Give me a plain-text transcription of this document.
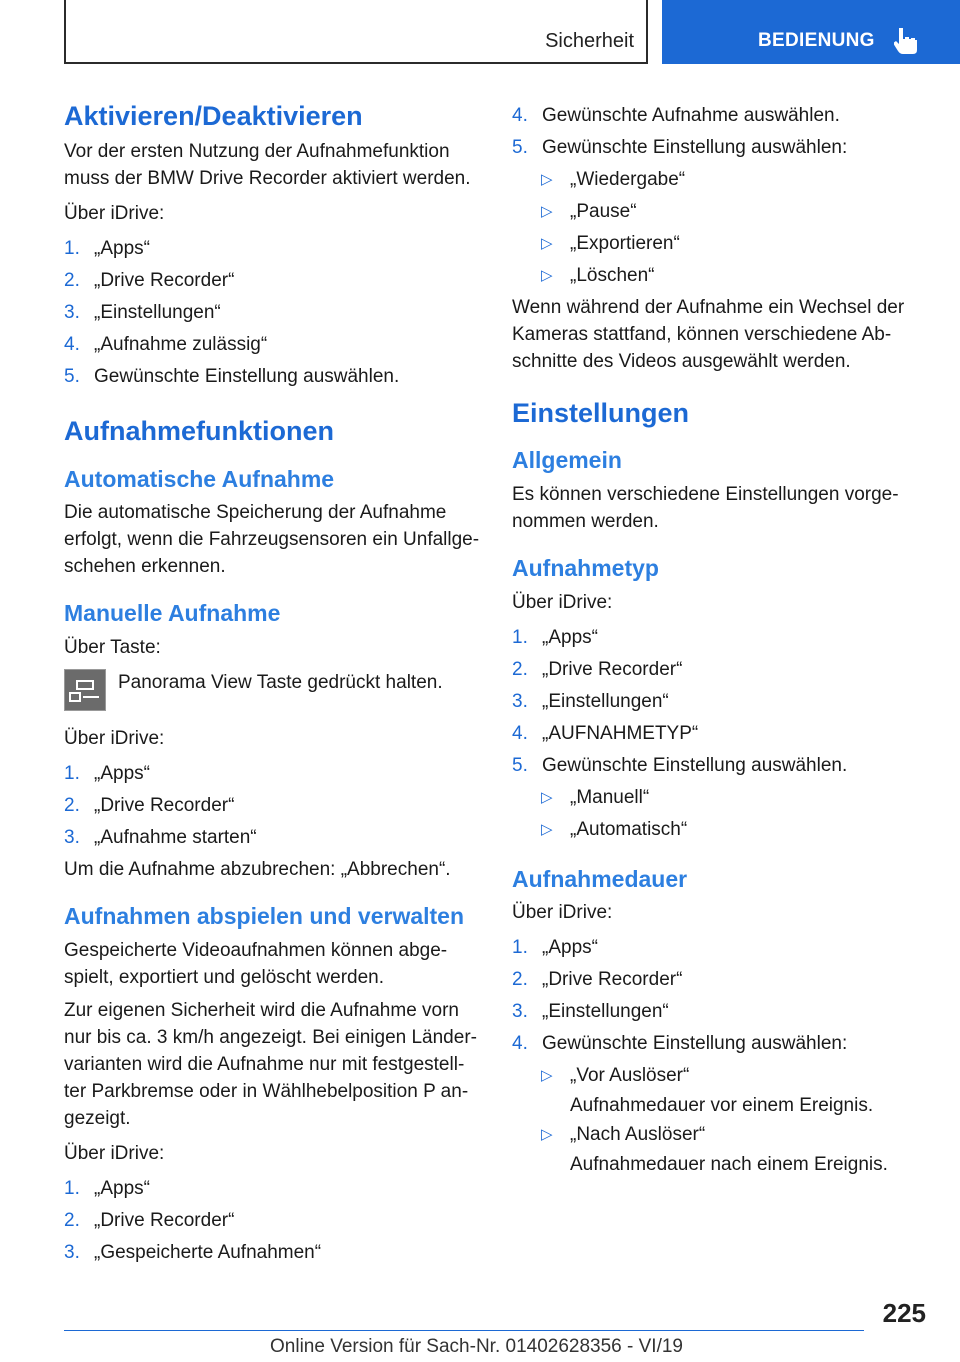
Sicherheit	BEDIENUNG
Aktivieren/Deaktivieren

Vor der ersten Nutzung der Aufnahmefunktion muss der BMW Drive Recorder aktiviert werden.

Über iDrive:

1. „Apps“
2. „Drive Recorder“
3. „Einstellungen“
4. „Aufnahme zulässig“
5. Gewünschte Einstellung auswählen.
Aufnahmefunktionen
Automatische Aufnahme

Die automatische Speicherung der Aufnahme erfolgt, wenn die Fahrzeugsensoren ein Unfallgeschehen erkennen.

Manuelle Aufnahme

Über Taste:

Panorama View Taste gedrückt halten.

Über iDrive:

1. „Apps“
2. „Drive Recorder“
3. „Aufnahme starten“

Um die Aufnahme abzubrechen: „Abbrechen“.

Aufnahmen abspielen und verwalten

Gespeicherte Videoaufnahmen können abgespielt, exportiert und gelöscht werden.

Zur eigenen Sicherheit wird die Aufnahme vorn nur bis ca. 3 km/h angezeigt. Bei einigen Ländervarianten wird die Aufnahme nur mit festgestellter Parkbremse oder in Wählhebelposition P angezeigt.

Über iDrive:

1. „Apps“
2. „Drive Recorder“
3. „Gespeicherte Aufnahmen“
4. Gewünschte Aufnahme auswählen.
5. Gewünschte Einstellung auswählen:
▷ „Wiedergabe“
▷ „Pause“
▷ „Exportieren“
▷ „Löschen“

Wenn während der Aufnahme ein Wechsel der Kameras stattfand, können verschiedene Abschnitte des Videos ausgewählt werden.

Einstellungen
Allgemein

Es können verschiedene Einstellungen vorgenommen werden.

Aufnahmetyp

Über iDrive:

1. „Apps“
2. „Drive Recorder“
3. „Einstellungen“
4. „AUFNAHMETYP“
5. Gewünschte Einstellung auswählen.
▷ „Manuell“
▷ „Automatisch“
Aufnahmedauer

Über iDrive:

1. „Apps“
2. „Drive Recorder“
3. „Einstellungen“
4. Gewünschte Einstellung auswählen:
▷ „Vor Auslöser“
Aufnahmedauer vor einem Ereignis.
▷ „Nach Auslöser“
Aufnahmedauer nach einem Ereignis.
225
Online Version für Sach-Nr. 01402628356 - VI/19
